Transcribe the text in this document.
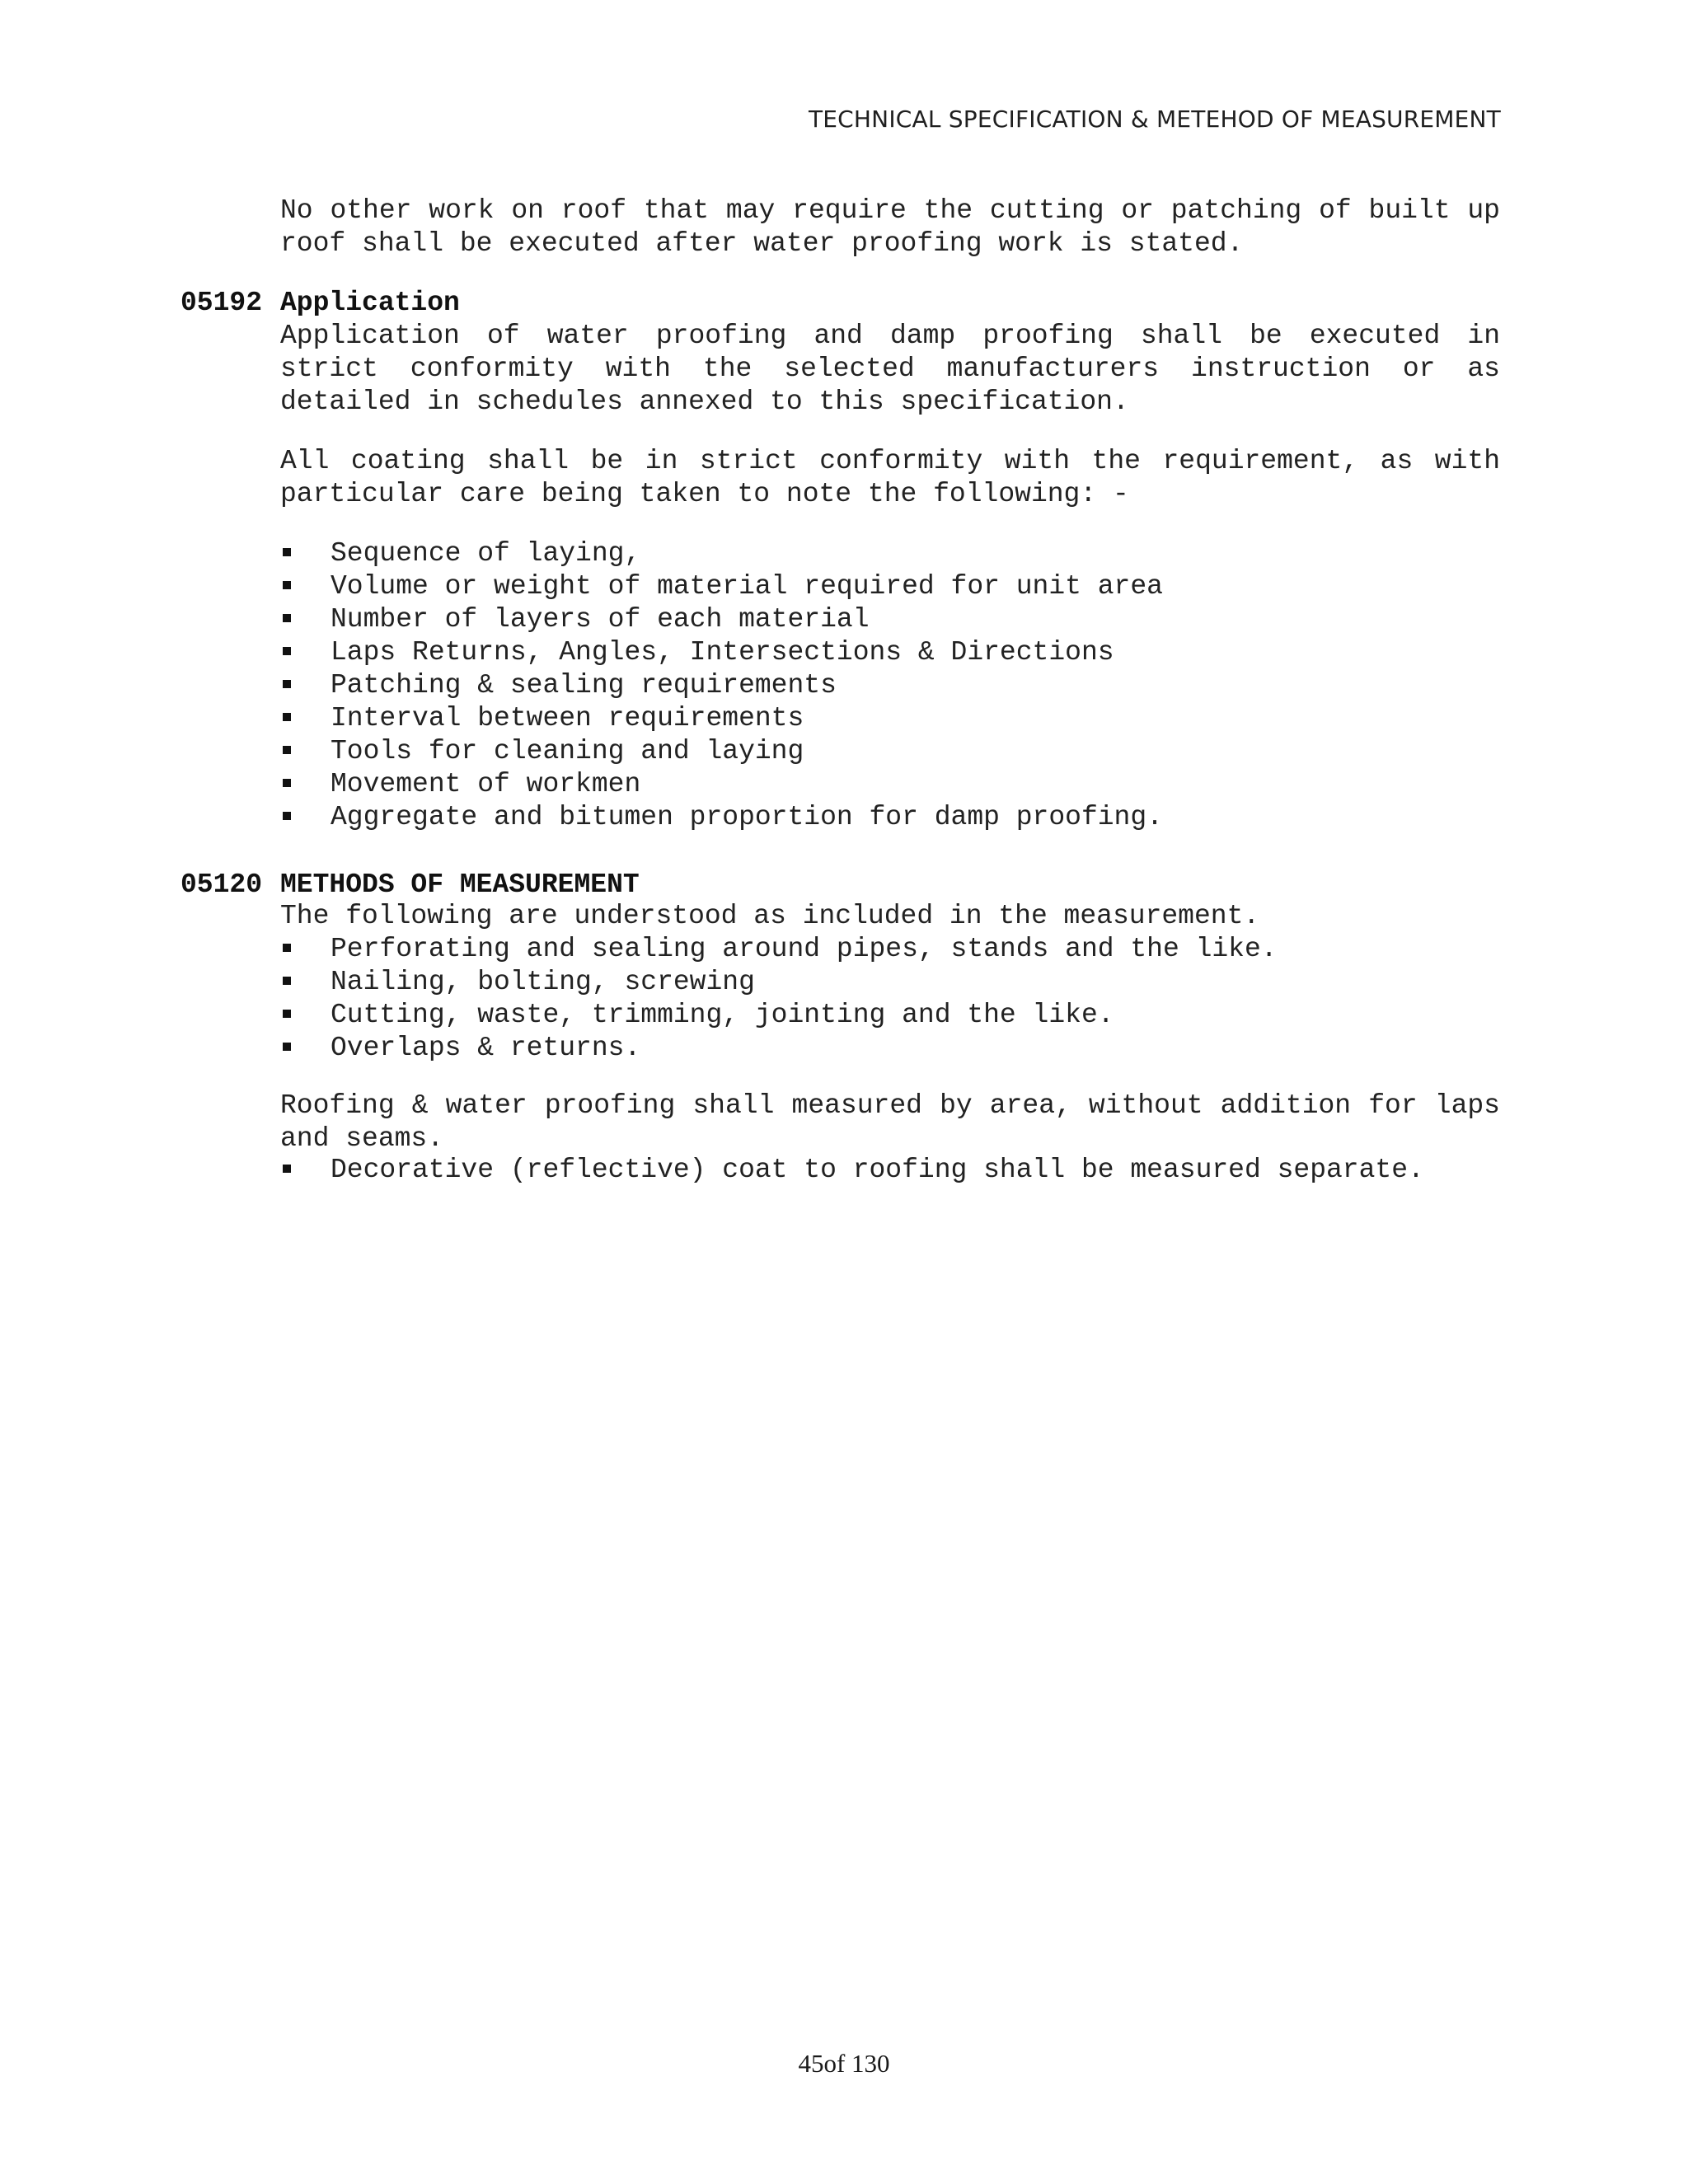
TECHNICAL SPECIFICATION & METEHOD OF MEASUREMENT

No other work on roof that may require the cutting or patching of built up roof shall be executed after water proofing work is stated.

05192 Application

Application of water proofing and damp proofing shall be executed in strict conformity with the selected manufacturers instruction or as detailed in schedules annexed to this specification.

All coating shall be in strict conformity with the requirement, as with particular care being taken to note the following: -

Sequence of laying,
Volume or weight of material required for unit area
Number of layers of each material
Laps Returns, Angles, Intersections & Directions
Patching & sealing requirements
Interval between requirements
Tools for cleaning and laying
Movement of workmen
Aggregate and bitumen proportion for damp proofing.
05120 METHODS OF MEASUREMENT

The following are understood as included in the measurement.

Perforating and sealing around pipes, stands and the like.
Nailing, bolting, screwing
Cutting, waste, trimming, jointing and the like.
Overlaps & returns.

Roofing & water proofing shall measured by area, without addition for laps and seams.

Decorative (reflective) coat to roofing shall be measured separate.
45of 130
